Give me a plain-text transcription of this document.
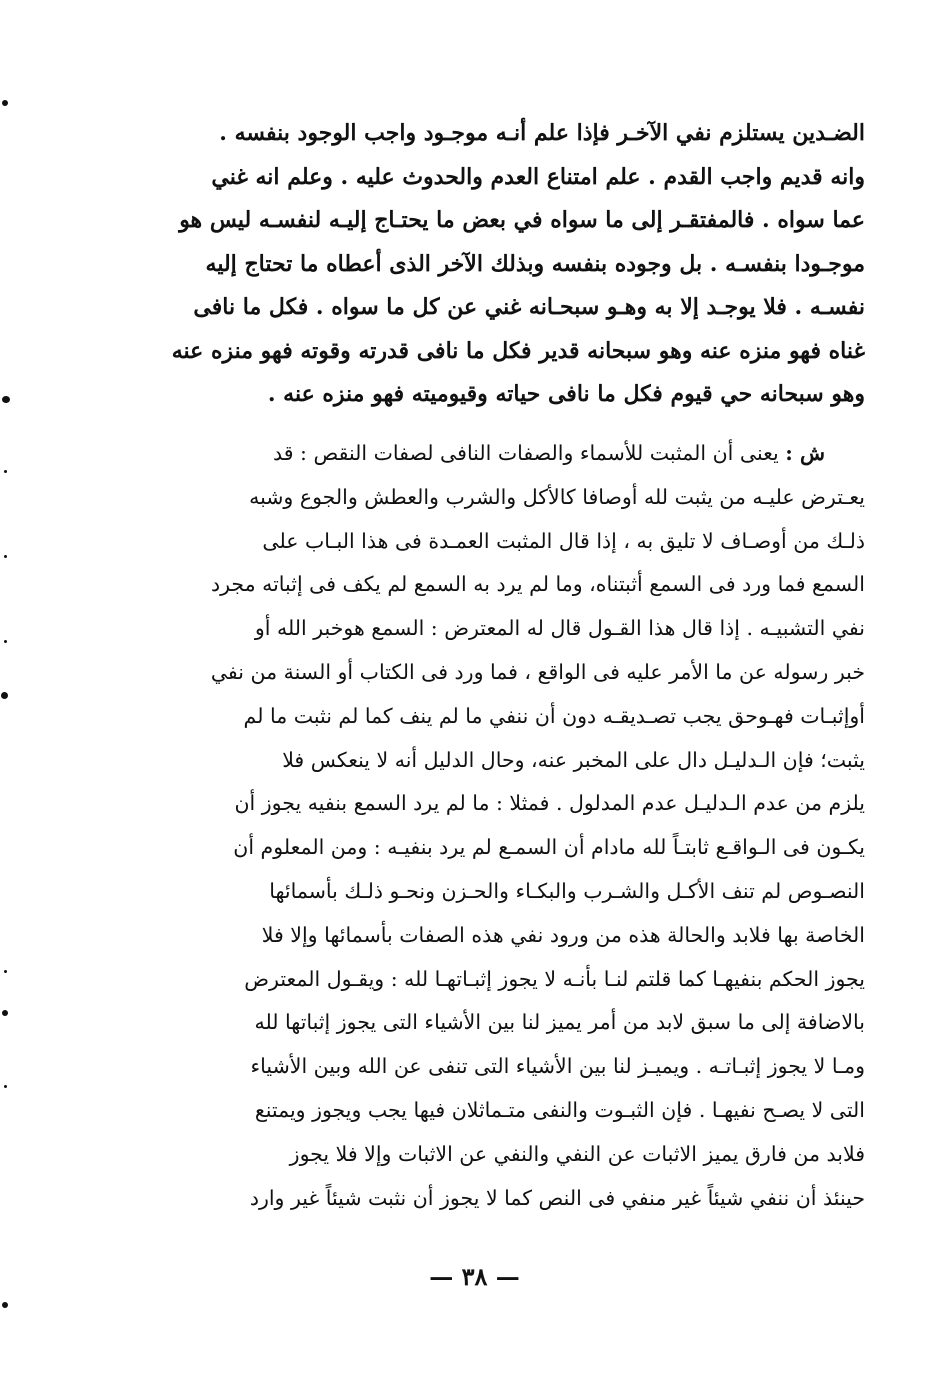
الضـدين يستلزم نفي الآخـر فإذا علم أنـه موجـود واجب الوجود بنفسه .
وانه قديم واجب القدم . علم امتناع العدم والحدوث عليه . وعلم انه غني
عما سواه . فالمفتقـر إلى ما سواه في بعض ما يحتـاج إليـه لنفسـه ليس هو
موجـودا بنفسـه . بل وجوده بنفسه وبذلك الآخر الذى أعطاه ما تحتاج إليه
نفسـه . فلا يوجـد إلا به وهـو سبحـانه غني عن كل ما سواه . فكل ما نافى
غناه فهو منزه عنه وهو سبحانه قدير فكل ما نافى قدرته وقوته فهو منزه عنه
وهو سبحانه حي قيوم فكل ما نافى حياته وقيوميته فهو منزه عنه .
ش : يعنى أن المثبت للأسماء والصفات النافى لصفات النقص : قد
يعـترض عليـه من يثبت لله أوصافا كالأكل والشرب والعطش والجوع وشبه
ذلـك من أوصـاف لا تليق به ، إذا قال المثبت العمـدة فى هذا البـاب على
السمع فما ورد فى السمع أثبتناه، وما لم يرد به السمع لم يكف فى إثباته مجرد
نفي التشبيـه . إذا قال هذا القـول قال له المعترض : السمع هوخبر الله أو
خبر رسوله عن ما الأمر عليه فى الواقع ، فما ورد فى الكتاب أو السنة من نفي
أوإثبـات فهـوحق يجب تصـديقـه دون أن ننفي ما لم ينف كما لم نثبت ما لم
يثبت؛ فإن الـدليـل دال على المخبر عنه، وحال الدليل أنه لا ينعكس فلا
يلزم من عدم الـدليـل عدم المدلول . فمثلا : ما لم يرد السمع بنفيه يجوز أن
يكـون فى الـواقـع ثابتـاً لله مادام أن السمـع لم يرد بنفيـه : ومن المعلوم أن
النصـوص لم تنف الأكـل والشـرب والبكـاء والحـزن ونحـو ذلـك بأسمائها
الخاصة بها فلابد والحالة هذه من ورود نفي هذه الصفات بأسمائها وإلا فلا
يجوز الحكم بنفيهـا كما قلتم لنـا بأنـه لا يجوز إثبـاتهـا لله : ويقـول المعترض
بالاضافة إلى ما سبق لابد من أمر يميز لنا بين الأشياء التى يجوز إثباتها لله
ومـا لا يجوز إثبـاتـه . ويميـز لنا بين الأشياء التى تنفى عن الله وبين الأشياء
التى لا يصـح نفيهـا . فإن الثبـوت والنفى متـماثلان فيها يجب ويجوز ويمتنع
فلابد من فارق يميز الاثبات عن النفي والنفي عن الاثبات وإلا فلا يجوز
حينئذ أن ننفي شيئاً غير منفي فى النص كما لا يجوز أن نثبت شيئاً غير وارد
— ٣٨ —
